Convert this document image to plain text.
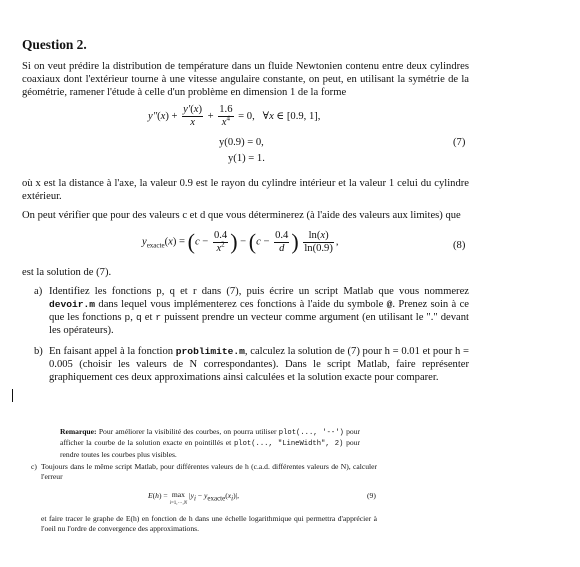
Question 2.
Si on veut prédire la distribution de température dans un fluide Newtonien contenu entre deux cylindres coaxiaux dont l'extérieur tourne à une vitesse angulaire constante, on peut, en utilisant la symétrie de la géométrie, ramener l'étude à celle d'un problème en dimension 1 de la forme
$y''(x) + \frac{y'(x)}{x} + \frac{1.6}{x^4} = 0$,   ∀x ∈ [0.9, 1],
y(0.9) = 0,
y(1) = 1.
(7)
où x est la distance à l'axe, la valeur 0.9 est le rayon du cylindre intérieur et la valeur 1 celui du cylindre extérieur.
On peut vérifier que pour des valeurs c et d que vous déterminerez (à l'aide des valeurs aux limites) que
$y_{exacte}(x) = (c - \frac{0.4}{x^2}$ ) − ($c - \frac{0.4}{d}$ ) $\frac{\ln(x)}{\ln(0.9)}$ ,	(8)
est la solution de (7).
a) Identifiez les fonctions p, q et r dans (7), puis écrire un script Matlab que vous nommerez devoir.m dans lequel vous implémenterez ces fonctions à l'aide du symbole @. Prenez soin à ce que les fonctions p, q et r puissent prendre un vecteur comme argument (en utilisant le "." devant les opérateurs).
b) En faisant appel à la fonction problimite.m, calculez la solution de (7) pour h = 0.01 et pour h = 0.005 (choisir les valeurs de N correspondantes). Dans le script Matlab, faire représenter graphiquement ces deux approximations ainsi calculées et la solution exacte pour comparer.
Remarque: Pour améliorer la visibilité des courbes, on pourra utiliser plot(..., '--') pour afficher la courbe de la solution exacte en pointillés et plot(..., "LineWidth", 2) pour rendre toutes les courbes plus visibles.
c) Toujours dans le même script Matlab, pour différentes valeurs de h (c.a.d. différentes valeurs de N), calculer l'erreur
E(h) = max
i=1,···,N $|y_i - y_{exacte}(x_i)|$,	(9)
et faire tracer le graphe de E(h) en fonction de h dans une échelle logarithmique qui permettra d'apprécier à l'oeil nu l'ordre de convergence des approximations.
